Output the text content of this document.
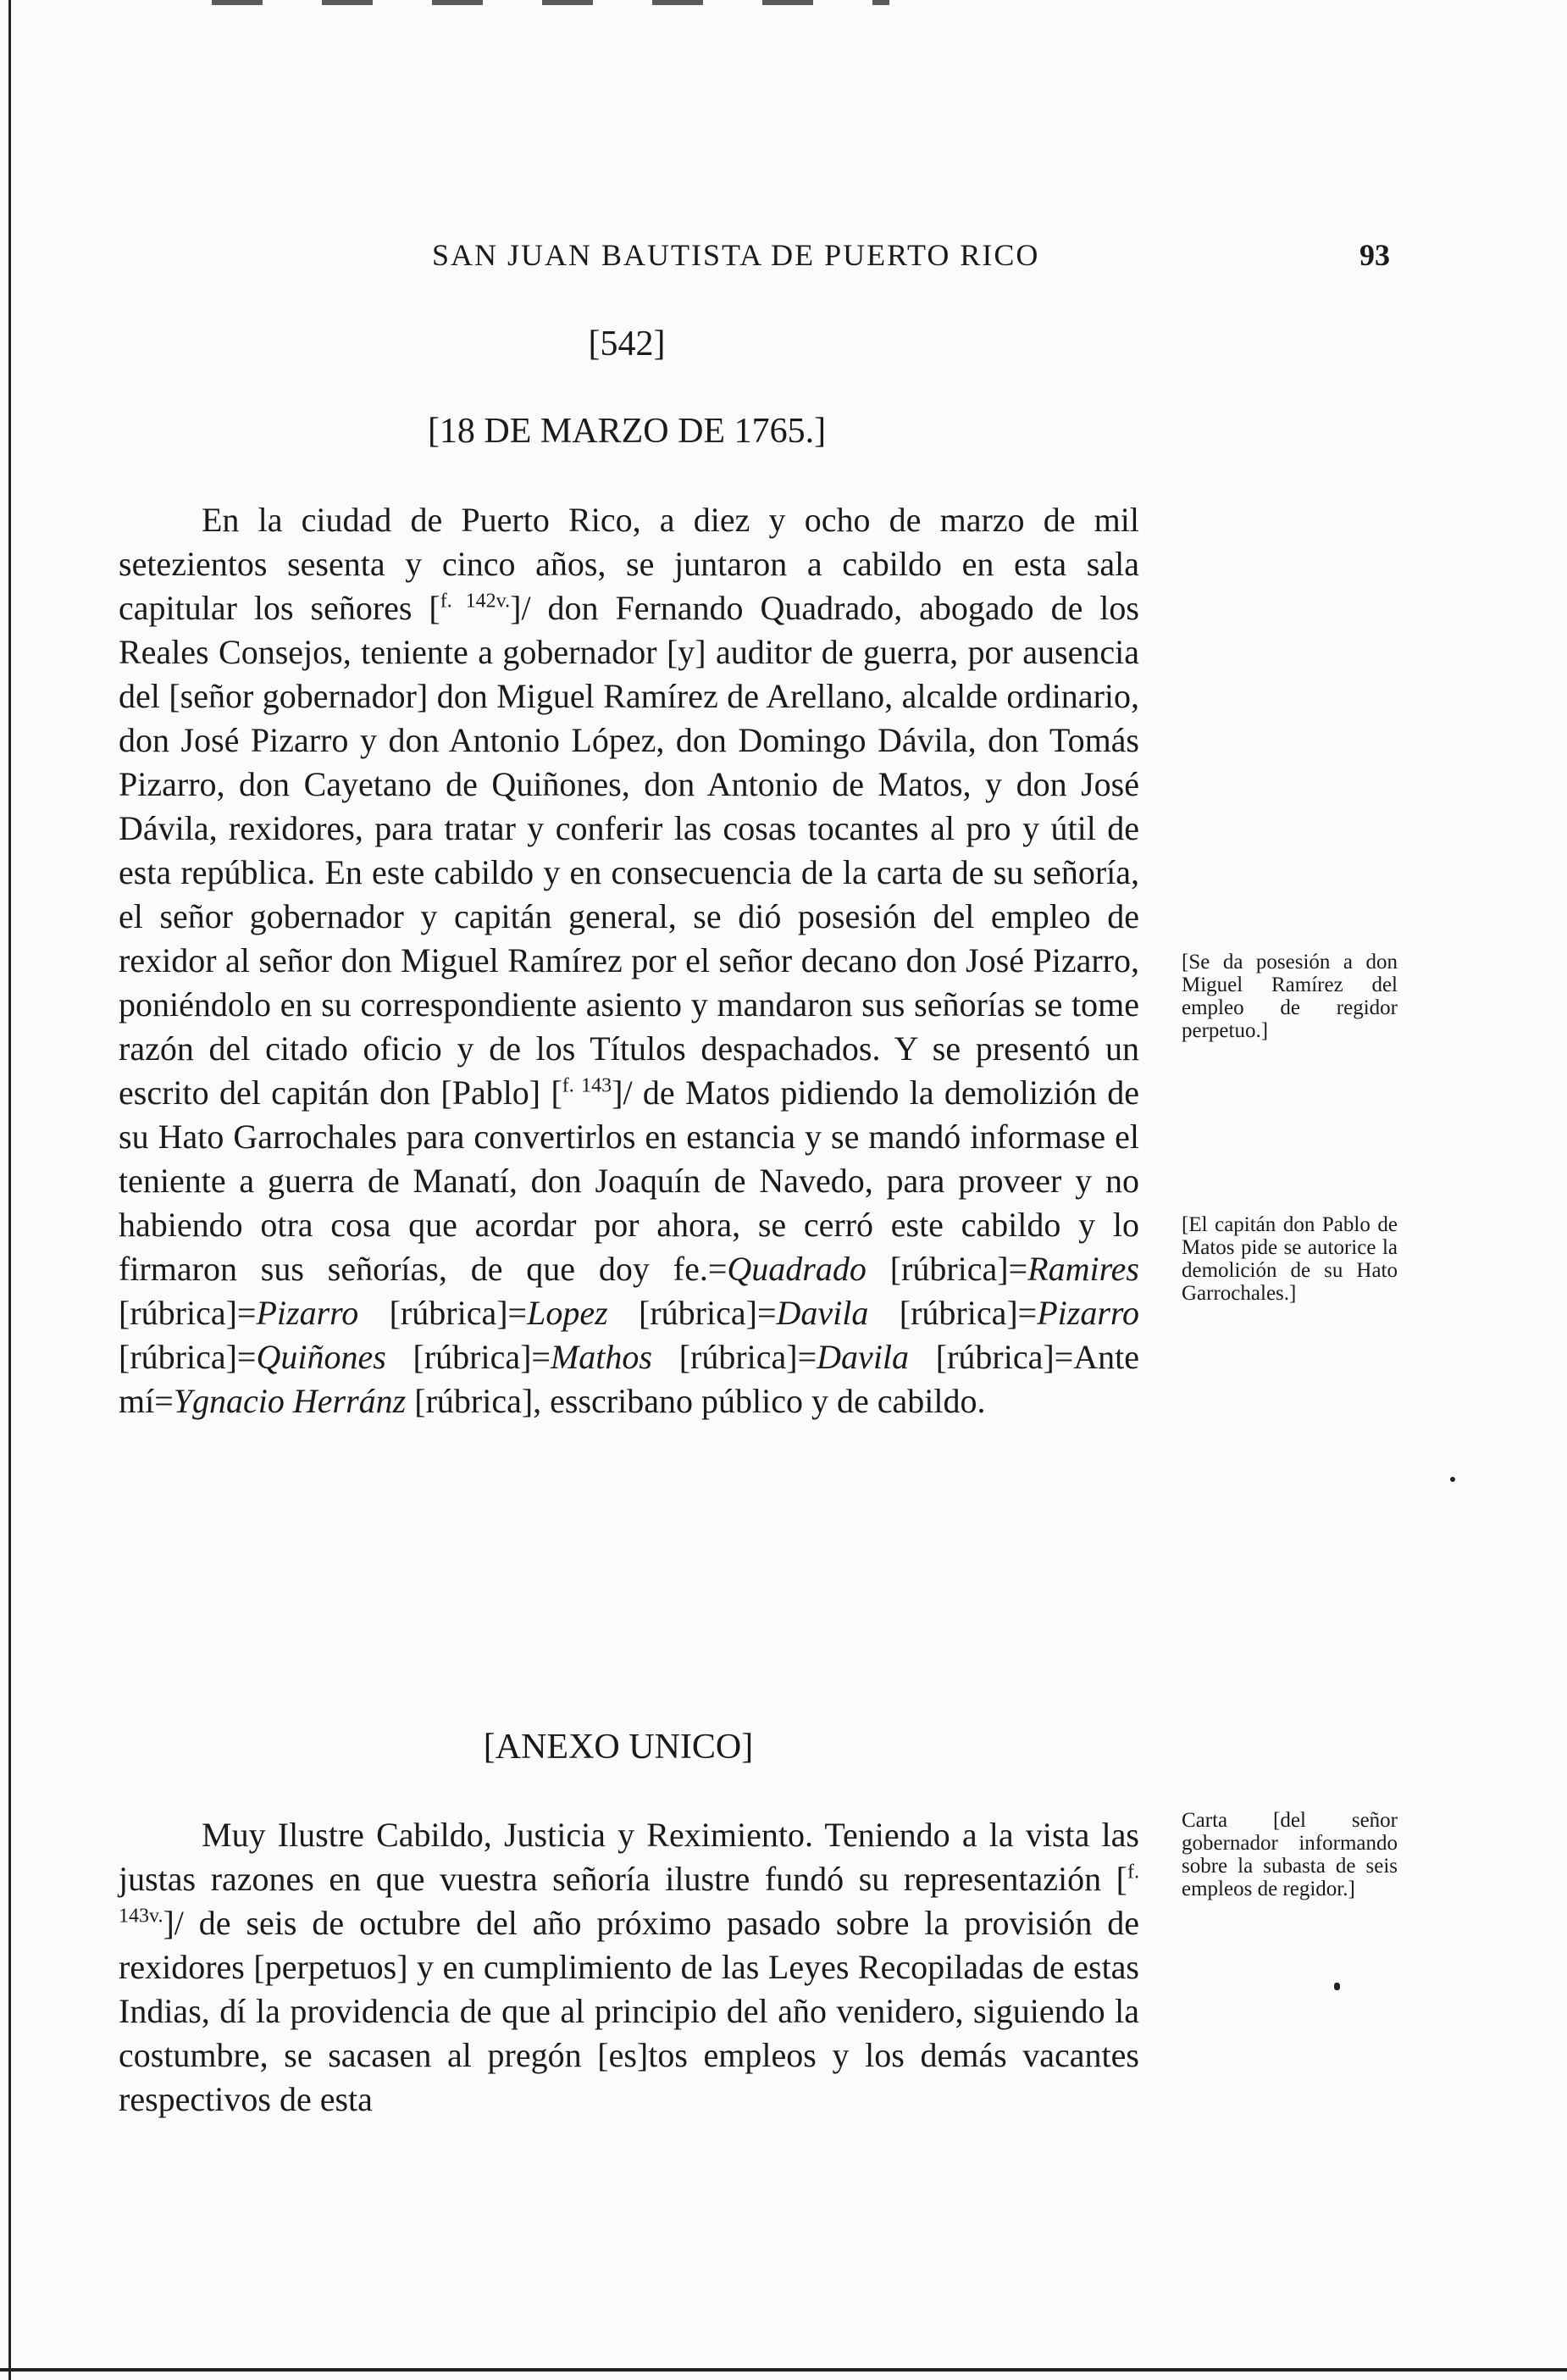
SAN JUAN BAUTISTA DE PUERTO RICO	93
[542]
[18 DE MARZO DE 1765.]

En la ciudad de Puerto Rico, a diez y ocho de marzo de mil setezientos sesenta y cinco años, se juntaron a cabildo en esta sala capitular los señores [$^{f. 142v.}$]/ don Fernando Quadrado, abogado de los Reales Consejos, teniente a gobernador [y] auditor de guerra, por ausencia del [señor gobernador] don Miguel Ramírez de Arellano, alcalde ordinario, don José Pizarro y don Antonio López, don Domingo Dávila, don Tomás Pizarro, don Cayetano de Quiñones, don Antonio de Matos, y don José Dávila, rexidores, para tratar y conferir las cosas tocantes al pro y útil de esta república. En este cabildo y en consecuencia de la carta de su señoría, el señor gobernador y capitán general, se dió posesión del empleo de rexidor al señor don Miguel Ramírez por el señor decano don José Pizarro, poniéndolo en su correspondiente asiento y mandaron sus señorías se tome razón del citado oficio y de los Títulos despachados. Y se presentó un escrito del capitán don [Pablo] [$^{f. 143}$]/ de Matos pidiendo la demolizión de su Hato Garrochales para convertirlos en estancia y se mandó informase el teniente a guerra de Manatí, don Joaquín de Navedo, para proveer y no habiendo otra cosa que acordar por ahora, se cerró este cabildo y lo firmaron sus señorías, de que doy fe.=Quadrado [rúbrica]=Ramires [rúbrica]=Pizarro [rúbrica]=Lopez [rúbrica]=Davila [rúbrica]=Pizarro [rúbrica]=Quiñones [rúbrica]=Mathos [rúbrica]=Davila [rúbrica]=Ante mí=Ygnacio Herránz [rúbrica], esscribano público y de cabildo.

[ANEXO UNICO]

Muy Ilustre Cabildo, Justicia y Reximiento. Teniendo a la vista las justas razones en que vuestra señoría ilustre fundó su representazión [$^{f. 143v.}$]/ de seis de octubre del año próximo pasado sobre la provisión de rexidores [perpetuos] y en cumplimiento de las Leyes Recopiladas de estas Indias, dí la providencia de que al principio del año venidero, siguiendo la costumbre, se sacasen al pregón [es]tos empleos y los demás vacantes respectivos de esta

[Se da posesión a don Miguel Ramírez del empleo de regidor perpetuo.]

[El capitán don Pablo de Matos pide se autorice la demolición de su Hato Garrochales.]

Carta [del señor gobernador informando sobre la subasta de seis empleos de regidor.]
